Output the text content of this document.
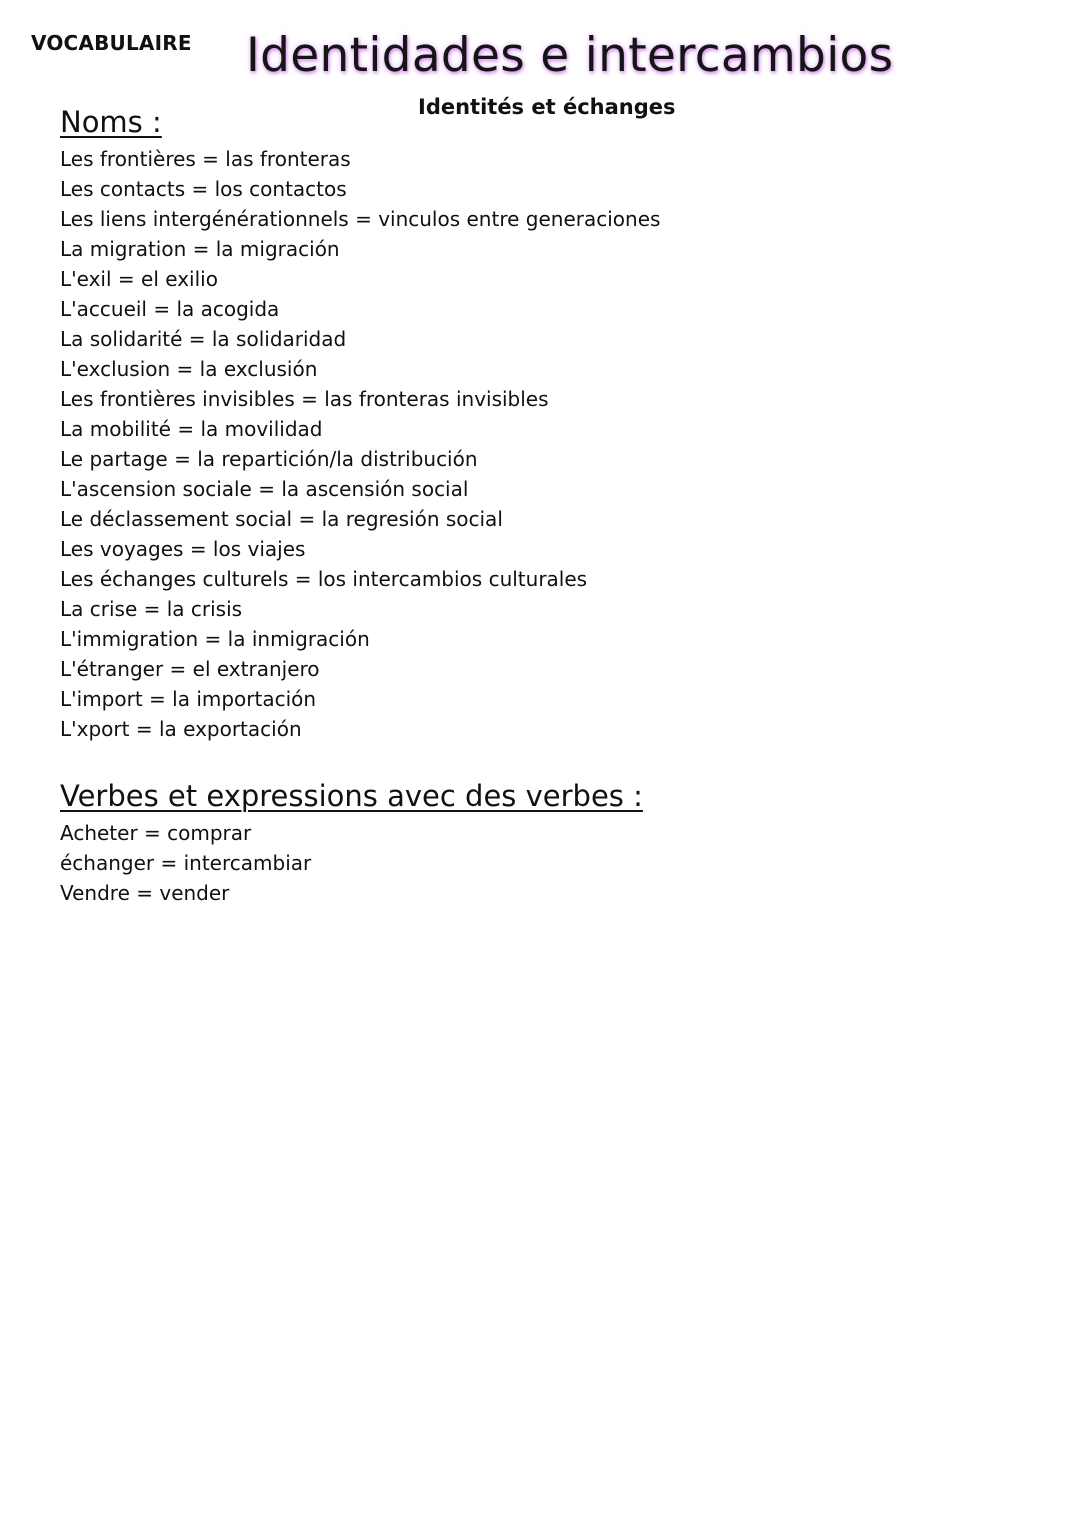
VOCABULAIRE Identidades e intercambios
Identités et échanges
Noms :
Les frontières = las fronteras
Les contacts = los contactos
Les liens intergénérationnels = vinculos entre generaciones
La migration = la migración
L'exil = el exilio
L'accueil = la acogida
La solidarité = la solidaridad
L'exclusion = la exclusión
Les frontières invisibles = las fronteras invisibles
La mobilité = la movilidad
Le partage = la repartición/la distribución
L'ascension sociale = la ascensión social
Le déclassement social = la regresión social
Les voyages = los viajes
Les échanges culturels = los intercambios culturales
La crise = la crisis
L'immigration = la inmigración
L'étranger = el extranjero
L'import = la importación
L'xport = la exportación
Verbes et expressions avec des verbes :
Acheter = comprar
échanger = intercambiar
Vendre = vender
